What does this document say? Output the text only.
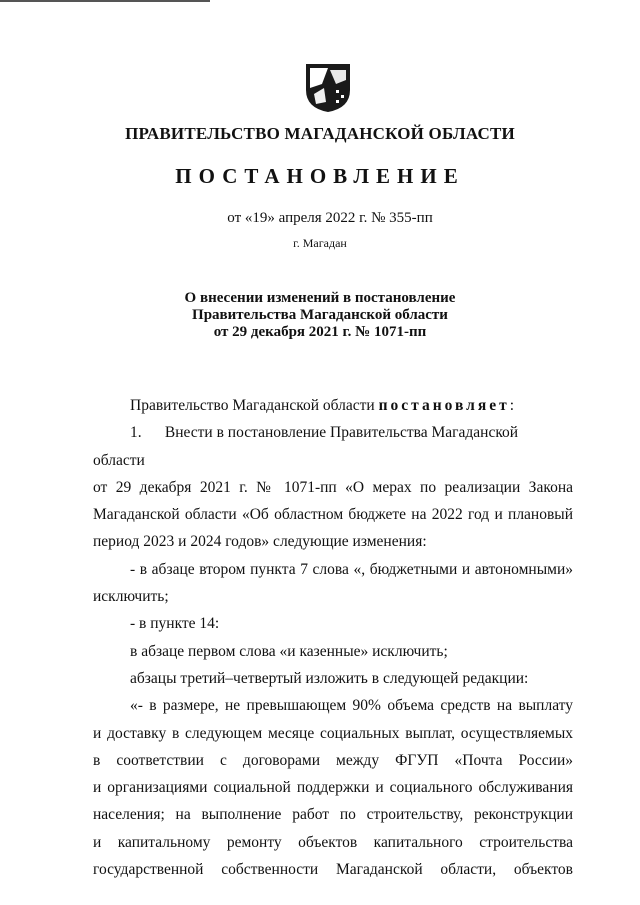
ПРАВИТЕЛЬСТВО МАГАДАНСКОЙ ОБЛАСТИ
ПОСТАНОВЛЕНИЕ
от «19» апреля 2022 г. № 355-пп
г. Магадан
О внесении изменений в постановление
Правительства Магаданской области
от 29 декабря 2021 г. № 1071-пп

Правительство Магаданской области постановляет:

1. Внести в постановление Правительства Магаданской области

от 29 декабря 2021 г. № 1071-пп «О мерах по реализации Закона

Магаданской области «Об областном бюджете на 2022 год и плановый

период 2023 и 2024 годов» следующие изменения:

- в абзаце втором пункта 7 слова «, бюджетными и автономными»

исключить;

- в пункте 14:

в абзаце первом слова «и казенные» исключить;

абзацы третий–четвертый изложить в следующей редакции:

«- в размере, не превышающем 90% объема средств на выплату

и доставку в следующем месяце социальных выплат, осуществляемых

в соответствии с договорами между ФГУП «Почта России»

и организациями социальной поддержки и социального обслуживания

населения; на выполнение работ по строительству, реконструкции

и капитальному ремонту объектов капитального строительства

государственной собственности Магаданской области, объектов
